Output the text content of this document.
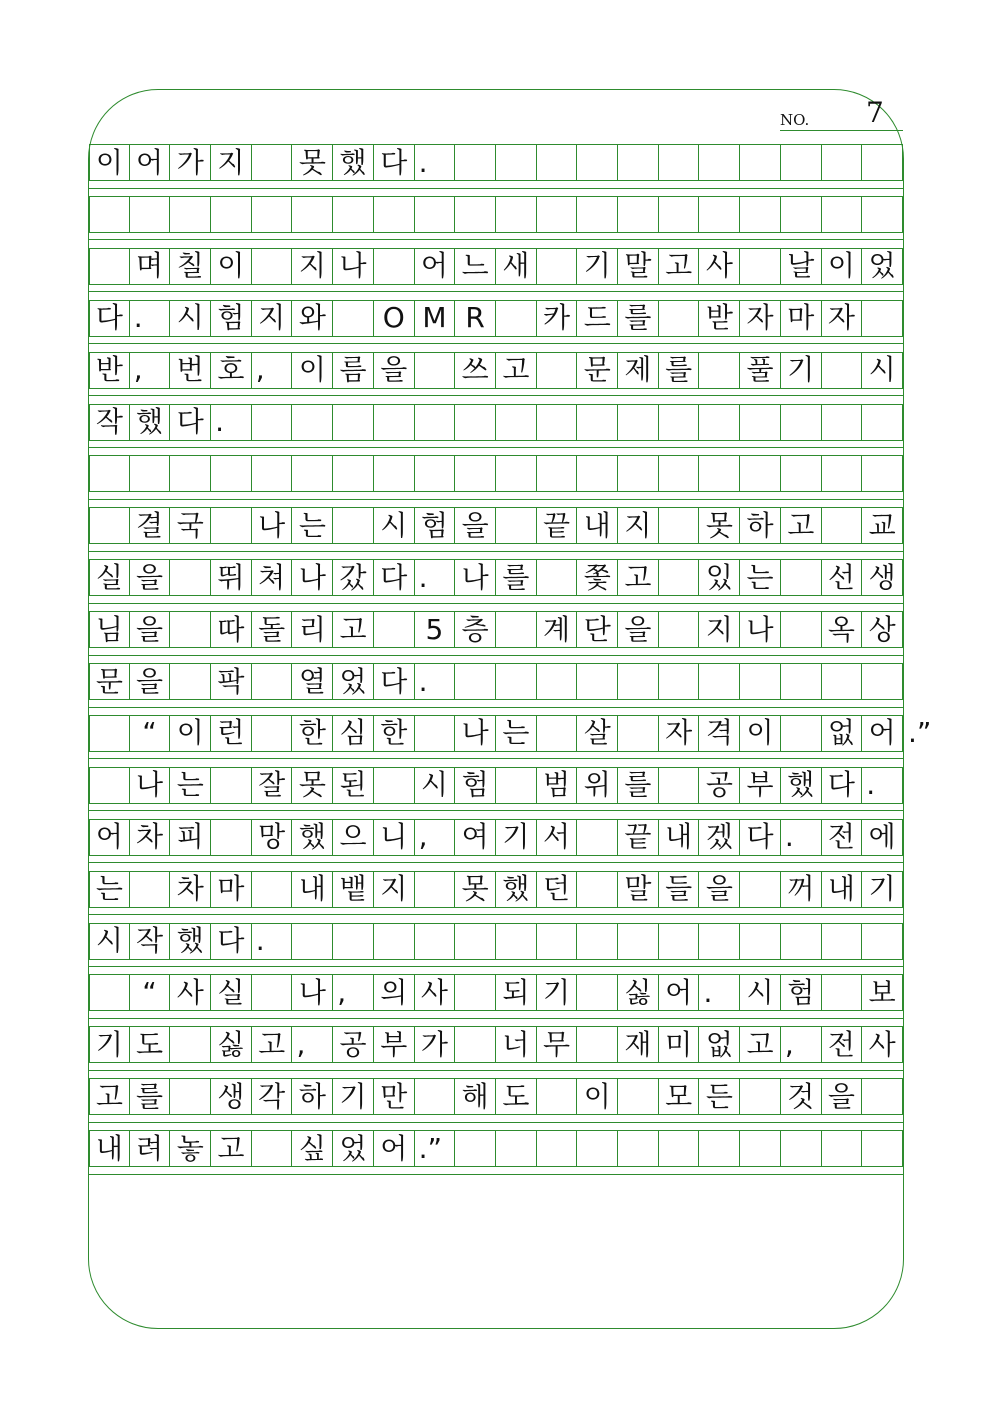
NO. 7
이 어 가 지 못 했 다 .
며 칠 이 지 나 어 느 새 기 말 고 사 날 이 었
다 .	시 험 지 와	O M R	카 드 를 받 자 마 자
반 ,	번 호 ,	이 름 을 쓰 고 문 제 를 풀 기 시
작 했 다 .
결 국 나 는 시 험 을 끝 내 지 못 하 고 교
실 을 뛰 쳐 나 갔 다 .	나 를 쫓 고 있 는 선 생
님 을 따 돌 리 고	5 층 계 단 을 지 나 옥 상
문 을 팍 열 었 다 .
“ 이 런 한 심 한 나 는 살 자 격 이 없 어 .”
나 는 잘 못 된 시 험 범 위 를 공 부 했 다 .
어 차 피 망 했 으 니 ,	여 기 서 끝 내 겠 다 .	전 에
는 차 마 내 뱉 지 못 했 던 말 들 을 꺼 내 기
시 작 했 다 .
“ 사 실 나 ,	의 사 되 기 싫 어 .	시 험 보
기 도 싫 고 ,	공 부 가 너 무 재 미 없 고 ,	전 사
고 를 생 각 하 기 만 해 도 이 모 든 것 을
내 려 놓 고 싶 었 어 .”
